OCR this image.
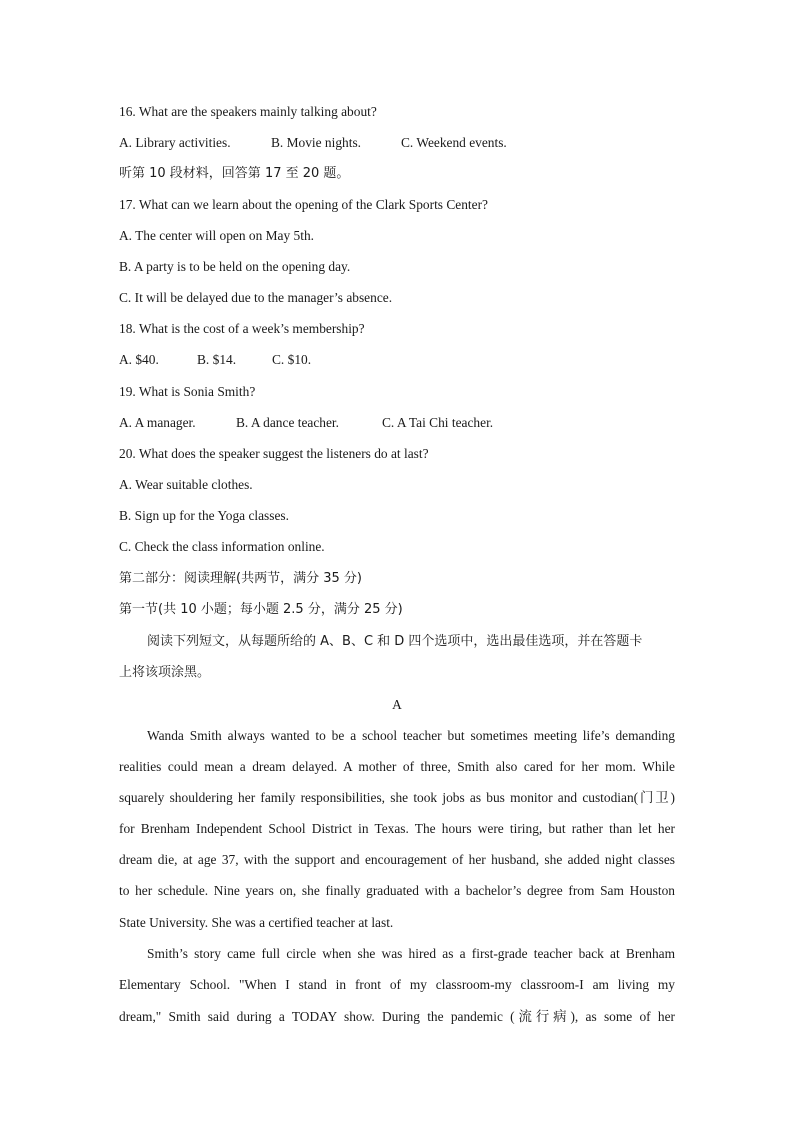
16. What are the speakers mainly talking about?
A. Library activities.	B. Movie nights.	C. Weekend events.
听第 10 段材料，回答第 17 至 20 题。
17. What can we learn about the opening of the Clark Sports Center?
A. The center will open on May 5th.
B. A party is to be held on the opening day.
C. It will be delayed due to the manager’s absence.
18. What is the cost of a week’s membership?
A. $40.	B. $14.	C. $10.
19. What is Sonia Smith?
A. A manager.	B. A dance teacher.	C. A Tai Chi teacher.
20. What does the speaker suggest the listeners do at last?
A. Wear suitable clothes.
B. Sign up for the Yoga classes.
C. Check the class information online.
第二部分：阅读理解(共两节，满分 35 分)
第一节(共 10 小题；每小题 2.5 分，满分 25 分)
阅读下列短文，从每题所给的 A、B、C 和 D 四个选项中，选出最佳选项，并在答题卡
上将该项涂黑。
A
Wanda Smith always wanted to be a school teacher but sometimes meeting life’s demanding
realities could mean a dream delayed. A mother of three, Smith also cared for her mom. While
squarely shouldering her family responsibilities, she took jobs as bus monitor and custodian(门卫)
for Brenham Independent School District in Texas. The hours were tiring, but rather than let her
dream die, at age 37, with the support and encouragement of her husband, she added night classes
to her schedule. Nine years on, she finally graduated with a bachelor’s degree from Sam Houston
State University. She was a certified teacher at last.
Smith’s story came full circle when she was hired as a first-grade teacher back at Brenham
Elementary School. "When I stand in front of my classroom-my classroom-I am living my
dream," Smith said during a TODAY show. During the pandemic (流行病), as some of her
